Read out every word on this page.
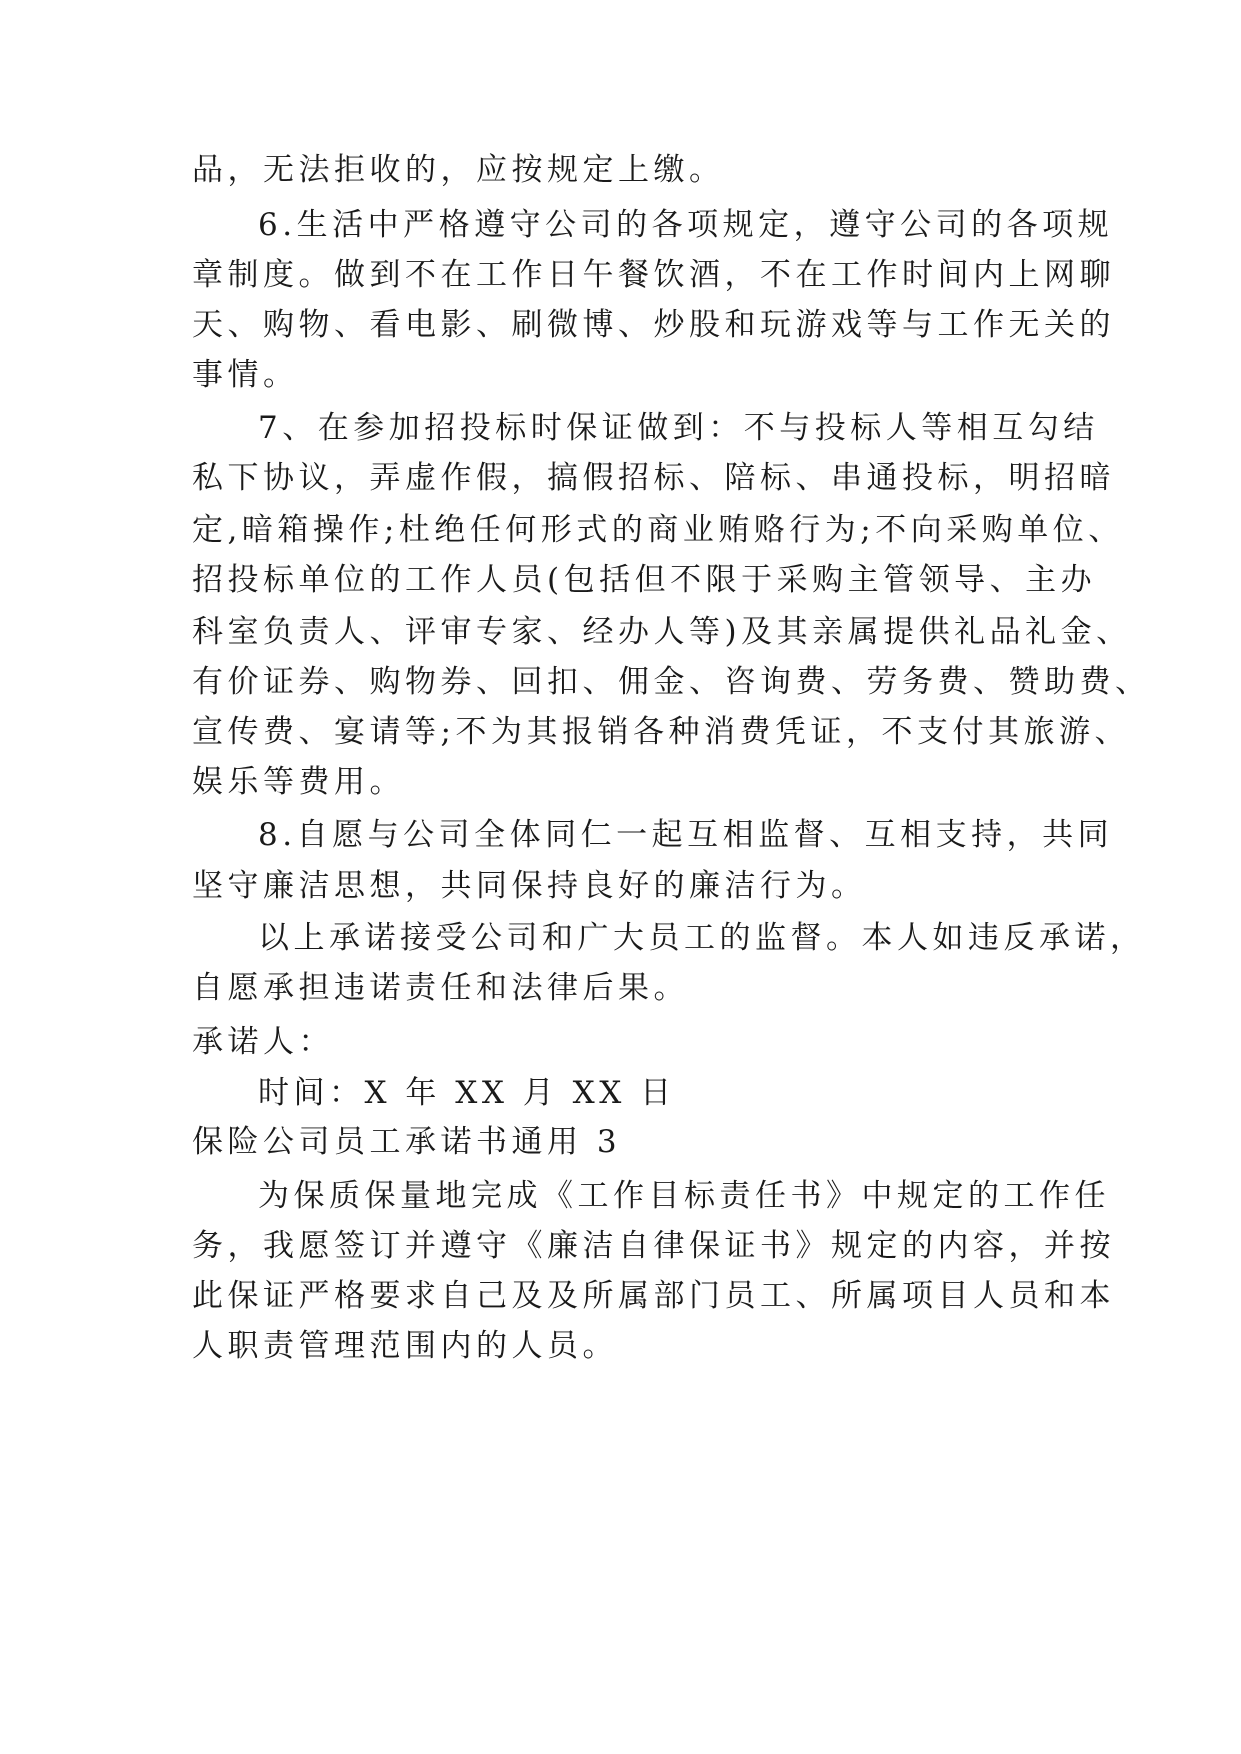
品，无法拒收的，应按规定上缴。

6.生活中严格遵守公司的各项规定，遵守公司的各项规

章制度。做到不在工作日午餐饮酒，不在工作时间内上网聊

天、购物、看电影、刷微博、炒股和玩游戏等与工作无关的

事情。

7、在参加招投标时保证做到：不与投标人等相互勾结

私下协议，弄虚作假，搞假招标、陪标、串通投标，明招暗

定,暗箱操作;杜绝任何形式的商业贿赂行为;不向采购单位、

招投标单位的工作人员(包括但不限于采购主管领导、主办

科室负责人、评审专家、经办人等)及其亲属提供礼品礼金、

有价证券、购物券、回扣、佣金、咨询费、劳务费、赞助费、

宣传费、宴请等;不为其报销各种消费凭证，不支付其旅游、

娱乐等费用。

8.自愿与公司全体同仁一起互相监督、互相支持，共同

坚守廉洁思想，共同保持良好的廉洁行为。

以上承诺接受公司和广大员工的监督。本人如违反承诺，

自愿承担违诺责任和法律后果。

承诺人：

时间：X 年 XX 月 XX 日

保险公司员工承诺书通用 3

为保质保量地完成《工作目标责任书》中规定的工作任

务，我愿签订并遵守《廉洁自律保证书》规定的内容，并按

此保证严格要求自己及及所属部门员工、所属项目人员和本

人职责管理范围内的人员。
